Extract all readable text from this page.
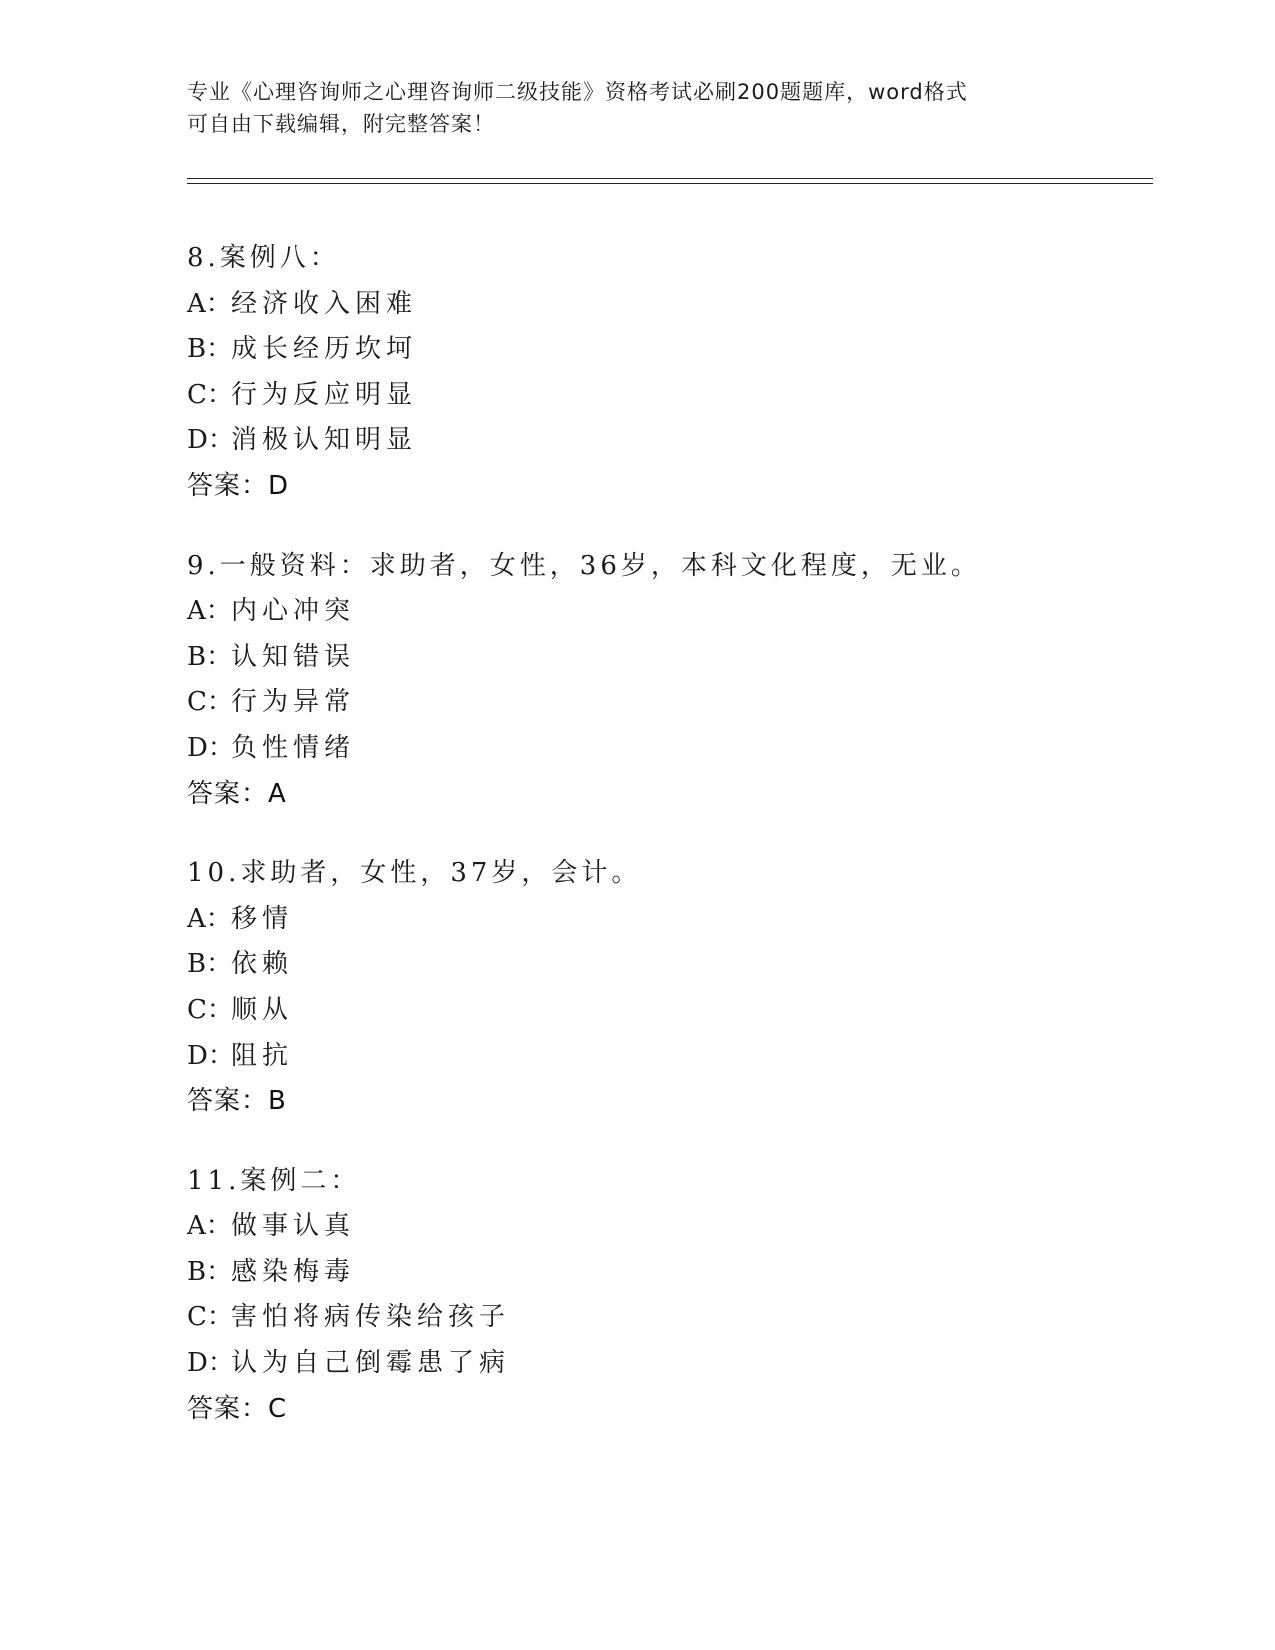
专业《心理咨询师之心理咨询师二级技能》资格考试必刷200题题库，word格式
可自由下载编辑，附完整答案！
8.案例八：
A：经济收入困难
B：成长经历坎坷
C：行为反应明显
D：消极认知明显
答案：D
9.一般资料：求助者，女性，36岁，本科文化程度，无业。
A：内心冲突
B：认知错误
C：行为异常
D：负性情绪
答案：A
10.求助者，女性，37岁，会计。
A：移情
B：依赖
C：顺从
D：阻抗
答案：B
11.案例二：
A：做事认真
B：感染梅毒
C：害怕将病传染给孩子
D：认为自己倒霉患了病
答案：C
